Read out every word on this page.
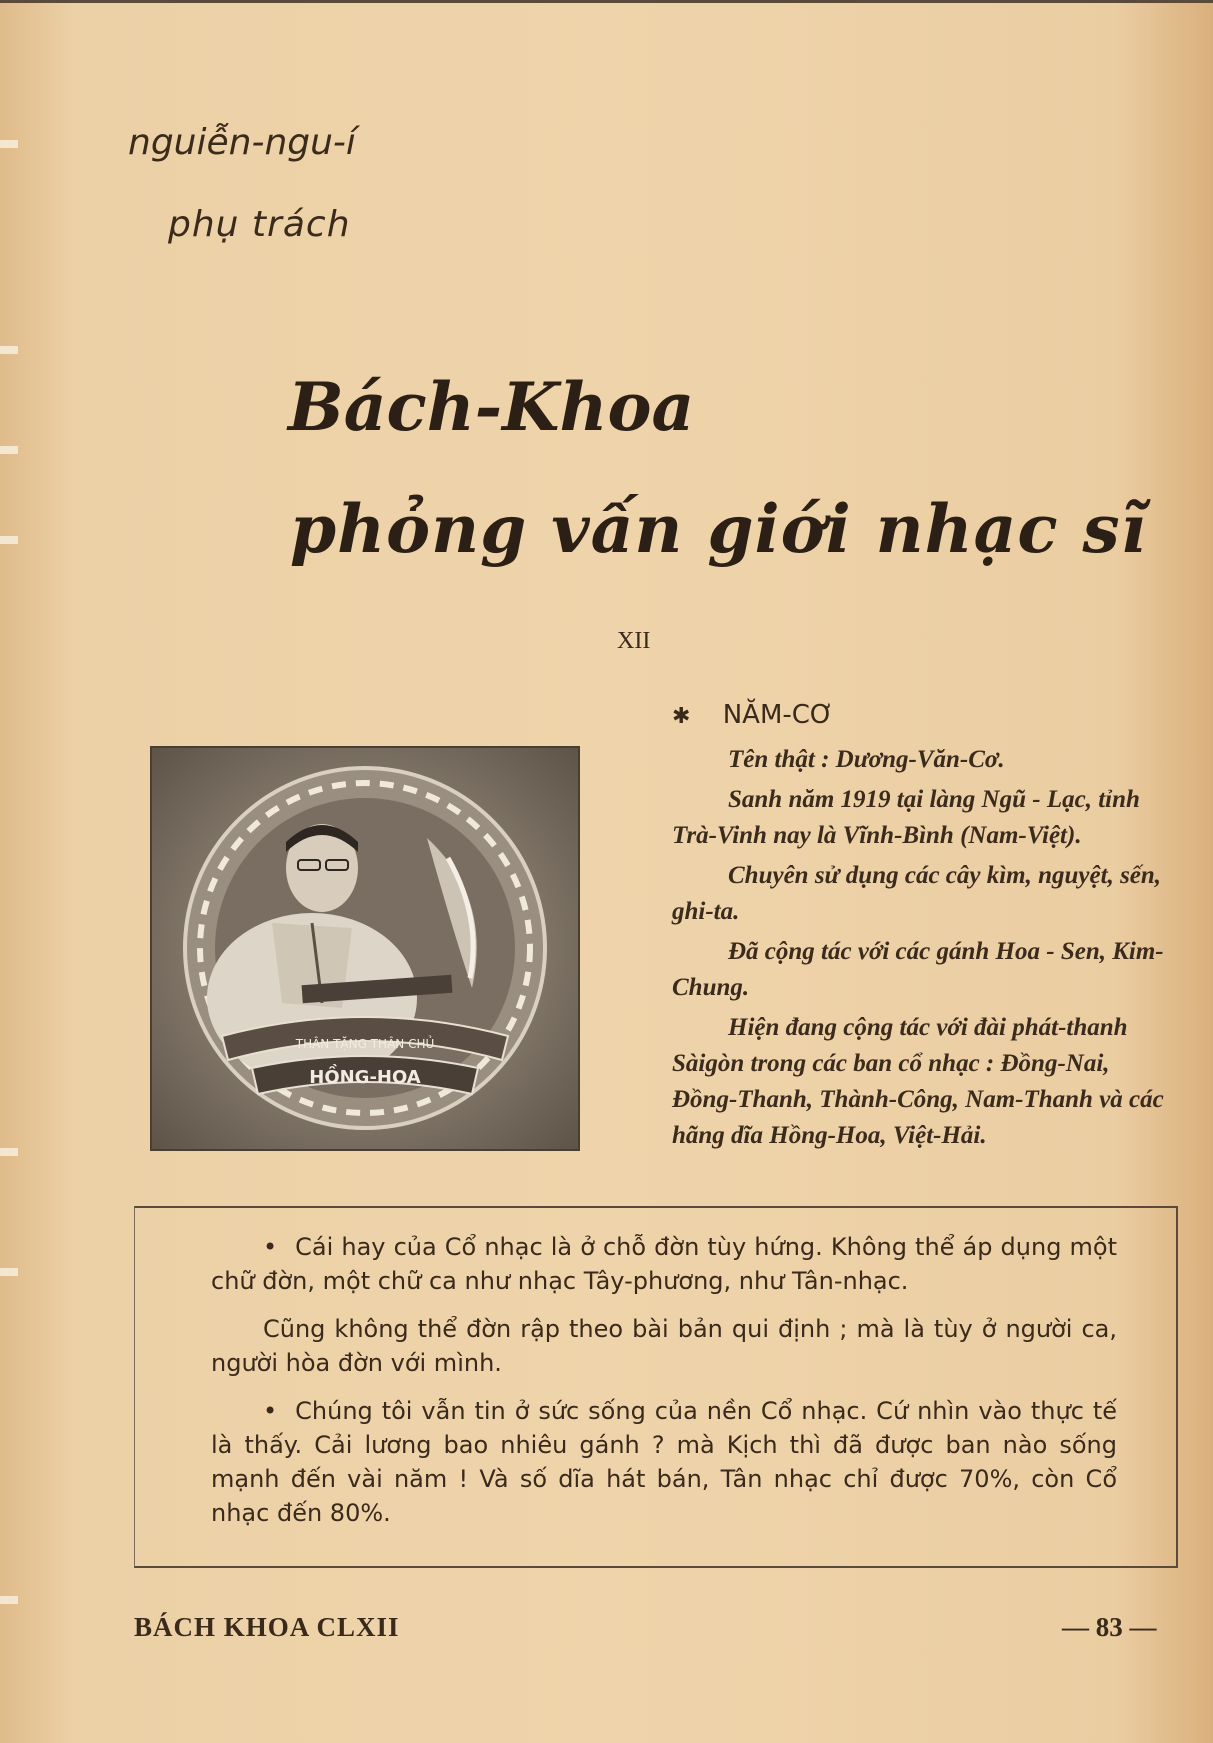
nguiễn-ngu-í
phụ trách
Bách-Khoa
phỏng vấn giới nhạc sĩ
XII
✱ NĂM-CƠ

Tên thật : Dương-Văn-Cơ.

Sanh năm 1919 tại làng Ngũ - Lạc, tỉnh Trà-Vinh nay là Vĩnh-Bình (Nam-Việt).

Chuyên sử dụng các cây kìm, nguyệt, sến, ghi-ta.

Đã cộng tác với các gánh Hoa - Sen, Kim-Chung.

Hiện đang cộng tác với đài phát-thanh Sàigòn trong các ban cổ nhạc : Đồng-Nai, Đồng-Thanh, Thành-Công, Nam-Thanh và các hãng dĩa Hồng-Hoa, Việt-Hải.

THÂN TẶNG THÂN CHỦ
HỒNG-HOA

• Cái hay của Cổ nhạc là ở chỗ đờn tùy hứng. Không thể áp dụng một chữ đờn, một chữ ca như nhạc Tây-phương, như Tân-nhạc.

Cũng không thể đờn rập theo bài bản qui định ; mà là tùy ở người ca, người hòa đờn với mình.

• Chúng tôi vẫn tin ở sức sống của nền Cổ nhạc. Cứ nhìn vào thực tế là thấy. Cải lương bao nhiêu gánh ? mà Kịch thì đã được ban nào sống mạnh đến vài năm ! Và số dĩa hát bán, Tân nhạc chỉ được 70%, còn Cổ nhạc đến 80%.

BÁCH KHOA CLXII	— 83 —
